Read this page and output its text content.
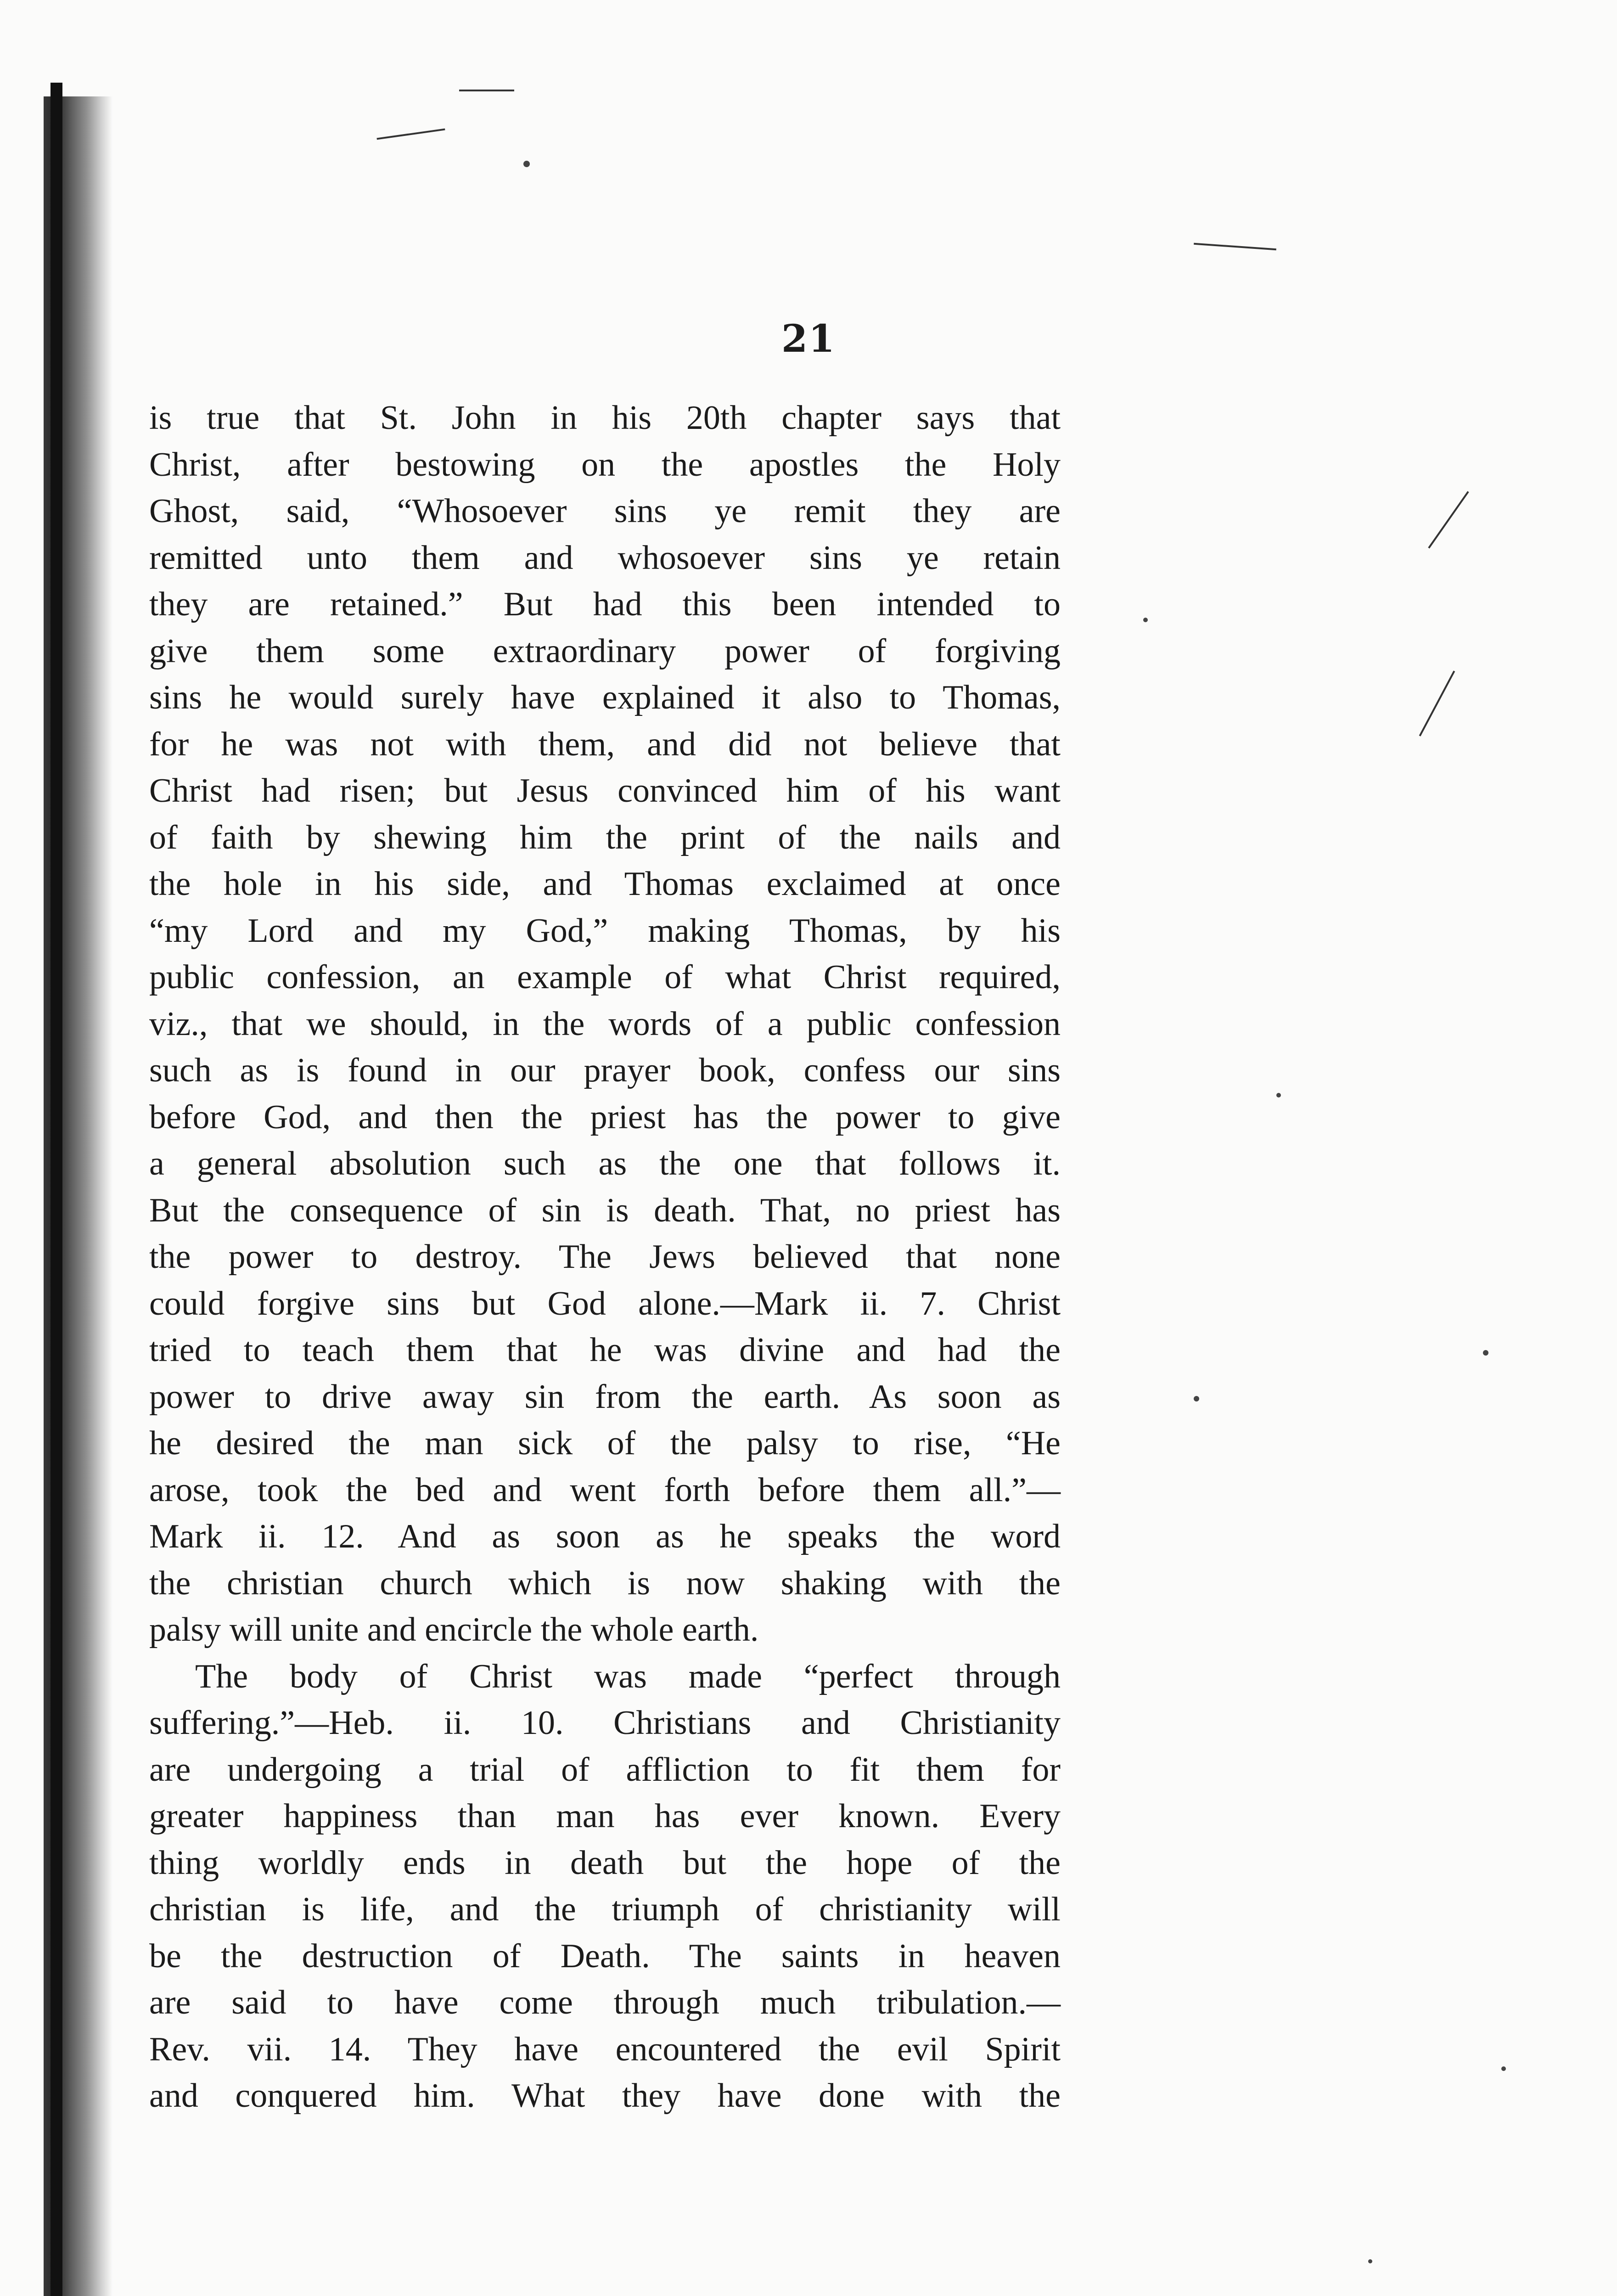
21
is true that St. John in his 20th chapter says that
Christ, after bestowing on the apostles the Holy
Ghost, said, “Whosoever sins ye remit they are
remitted unto them and whosoever sins ye retain
they are retained.” But had this been intended to
give them some extraordinary power of forgiving
sins he would surely have explained it also to Thomas,
for he was not with them, and did not believe that
Christ had risen; but Jesus convinced him of his want
of faith by shewing him the print of the nails and
the hole in his side, and Thomas exclaimed at once
“my Lord and my God,” making Thomas, by his
public confession, an example of what Christ required,
viz., that we should, in the words of a public confession
such as is found in our prayer book, confess our sins
before God, and then the priest has the power to give
a general absolution such as the one that follows it.
But the consequence of sin is death. That, no priest has
the power to destroy. The Jews believed that none
could forgive sins but God alone.—Mark ii. 7. Christ
tried to teach them that he was divine and had the
power to drive away sin from the earth. As soon as
he desired the man sick of the palsy to rise, “He
arose, took the bed and went forth before them all.”—
Mark ii. 12. And as soon as he speaks the word
the christian church which is now shaking with the
palsy will unite and encircle the whole earth.
The body of Christ was made “perfect through
suffering.”—Heb. ii. 10. Christians and Christianity
are undergoing a trial of affliction to fit them for
greater happiness than man has ever known. Every
thing worldly ends in death but the hope of the
christian is life, and the triumph of christianity will
be the destruction of Death. The saints in heaven
are said to have come through much tribulation.—
Rev. vii. 14. They have encountered the evil Spirit
and conquered him. What they have done with the
